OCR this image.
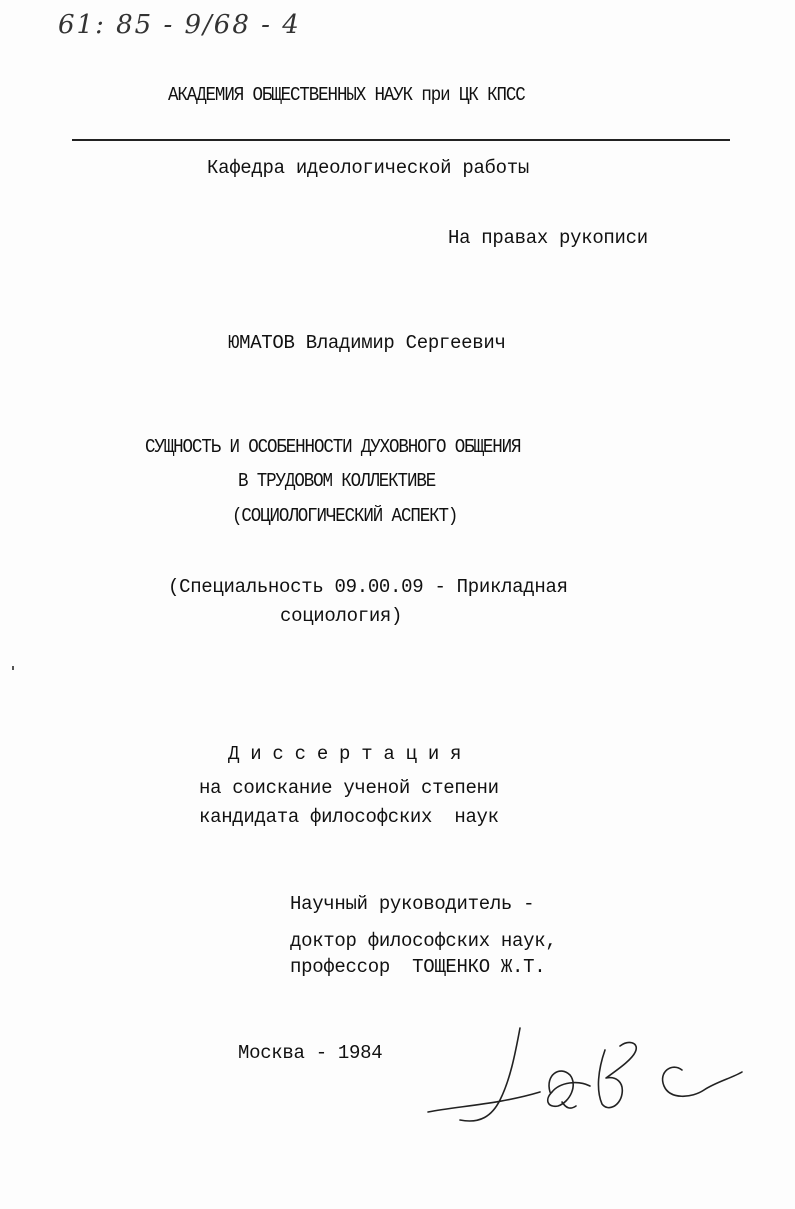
61: 85 - 9/68 - 4
АКАДЕМИЯ ОБЩЕСТВЕННЫХ НАУК при ЦК КПСС
Кафедра идеологической работы
На правах рукописи
ЮМАТОВ Владимир Сергеевич
СУЩНОСТЬ И ОСОБЕННОСТИ ДУХОВНОГО ОБЩЕНИЯ
В ТРУДОВОМ КОЛЛЕКТИВЕ
(СОЦИОЛОГИЧЕСКИЙ АСПЕКТ)
(Специальность 09.00.09 - Прикладная
социология)
Д и с с е р т а ц и я
на соискание ученой степени
кандидата философских  наук
Научный руководитель -
доктор философских наук,
профессор  ТОЩЕНКО Ж.Т.
Москва - 1984
